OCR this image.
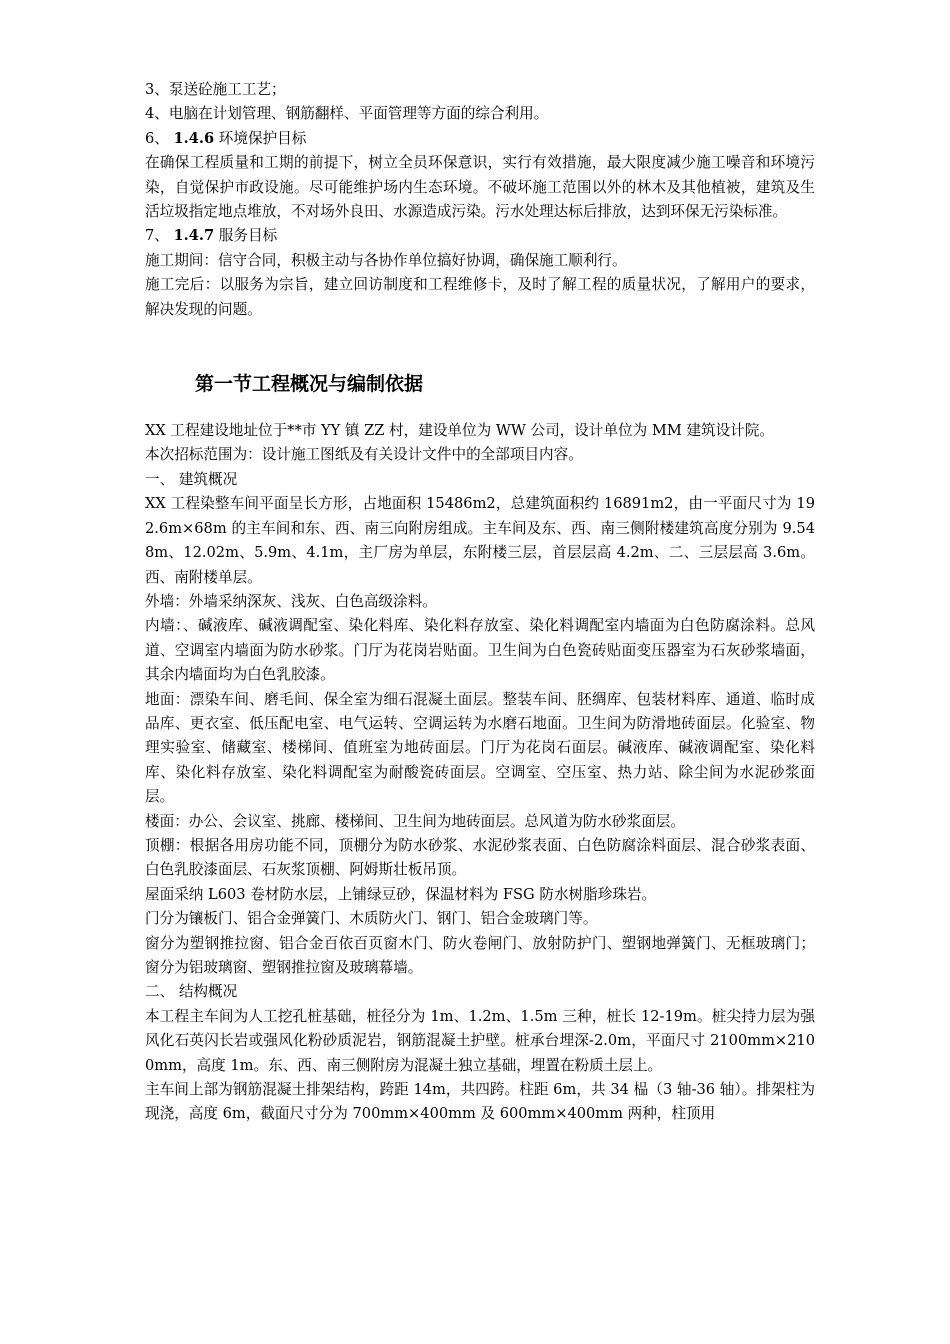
3、泵送砼施工工艺；

4、电脑在计划管理、钢筋翻样、平面管理等方面的综合利用。

6、 1.4.6 环境保护目标

在确保工程质量和工期的前提下，树立全员环保意识，实行有效措施，最大限度减少施工噪音和环境污染，自觉保护市政设施。尽可能维护场内生态环境。不破坏施工范围以外的林木及其他植被，建筑及生活垃圾指定地点堆放，不对场外良田、水源造成污染。污水处理达标后排放，达到环保无污染标准。

7、 1.4.7 服务目标

施工期间：信守合同，积极主动与各协作单位搞好协调，确保施工顺利行。

施工完后：以服务为宗旨，建立回访制度和工程维修卡，及时了解工程的质量状况，了解用户的要求，解决发现的问题。

第一节工程概况与编制依据

XX 工程建设地址位于**市 YY 镇 ZZ 村，建设单位为 WW 公司，设计单位为 MM 建筑设计院。

本次招标范围为：设计施工图纸及有关设计文件中的全部项目内容。

一、 建筑概况

XX 工程染整车间平面呈长方形，占地面积 15486m2，总建筑面积约 16891m2，由一平面尺寸为 192.6m×68m 的主车间和东、西、南三向附房组成。主车间及东、西、南三侧附楼建筑高度分别为 9.548m、12.02m、5.9m、4.1m，主厂房为单层，东附楼三层，首层层高 4.2m、二、三层层高 3.6m。西、南附楼单层。

外墙：外墙采纳深灰、浅灰、白色高级涂料。

内墙：、碱液库、碱液调配室、染化料库、染化料存放室、染化料调配室内墙面为白色防腐涂料。总风道、空调室内墙面为防水砂浆。门厅为花岗岩贴面。卫生间为白色瓷砖贴面变压器室为石灰砂浆墙面，其余内墙面均为白色乳胶漆。

地面：漂染车间、磨毛间、保全室为细石混凝土面层。整装车间、胚绸库、包装材料库、通道、临时成品库、更衣室、低压配电室、电气运转、空调运转为水磨石地面。卫生间为防滑地砖面层。化验室、物理实验室、储藏室、楼梯间、值班室为地砖面层。门厅为花岗石面层。碱液库、碱液调配室、染化料库、染化料存放室、染化料调配室为耐酸瓷砖面层。空调室、空压室、热力站、除尘间为水泥砂浆面层。

楼面：办公、会议室、挑廊、楼梯间、卫生间为地砖面层。总风道为防水砂浆面层。

顶棚：根据各用房功能不同，顶棚分为防水砂浆、水泥砂浆表面、白色防腐涂料面层、混合砂浆表面、白色乳胶漆面层、石灰浆顶棚、阿姆斯壮板吊顶。

屋面采纳 L603 卷材防水层，上铺绿豆砂，保温材料为 FSG 防水树脂珍珠岩。

门分为镶板门、铝合金弹簧门、木质防火门、钢门、铝合金玻璃门等。

窗分为塑钢推拉窗、铝合金百依百页窗木门、防火卷闸门、放射防护门、塑钢地弹簧门、无框玻璃门；窗分为铝玻璃窗、塑钢推拉窗及玻璃幕墙。

二、 结构概况

本工程主车间为人工挖孔桩基础，桩径分为 1m、1.2m、1.5m 三种，桩长 12-19m。桩尖持力层为强风化石英闪长岩或强风化粉砂质泥岩，钢筋混凝土护壁。桩承台埋深-2.0m，平面尺寸 2100mm×2100mm，高度 1m。东、西、南三侧附房为混凝土独立基础，埋置在粉质土层上。

主车间上部为钢筋混凝土排架结构，跨距 14m，共四跨。柱距 6m，共 34 榀（3 轴-36 轴）。排架柱为现浇，高度 6m，截面尺寸分为 700mm×400mm 及 600mm×400mm 两种，柱顶用
